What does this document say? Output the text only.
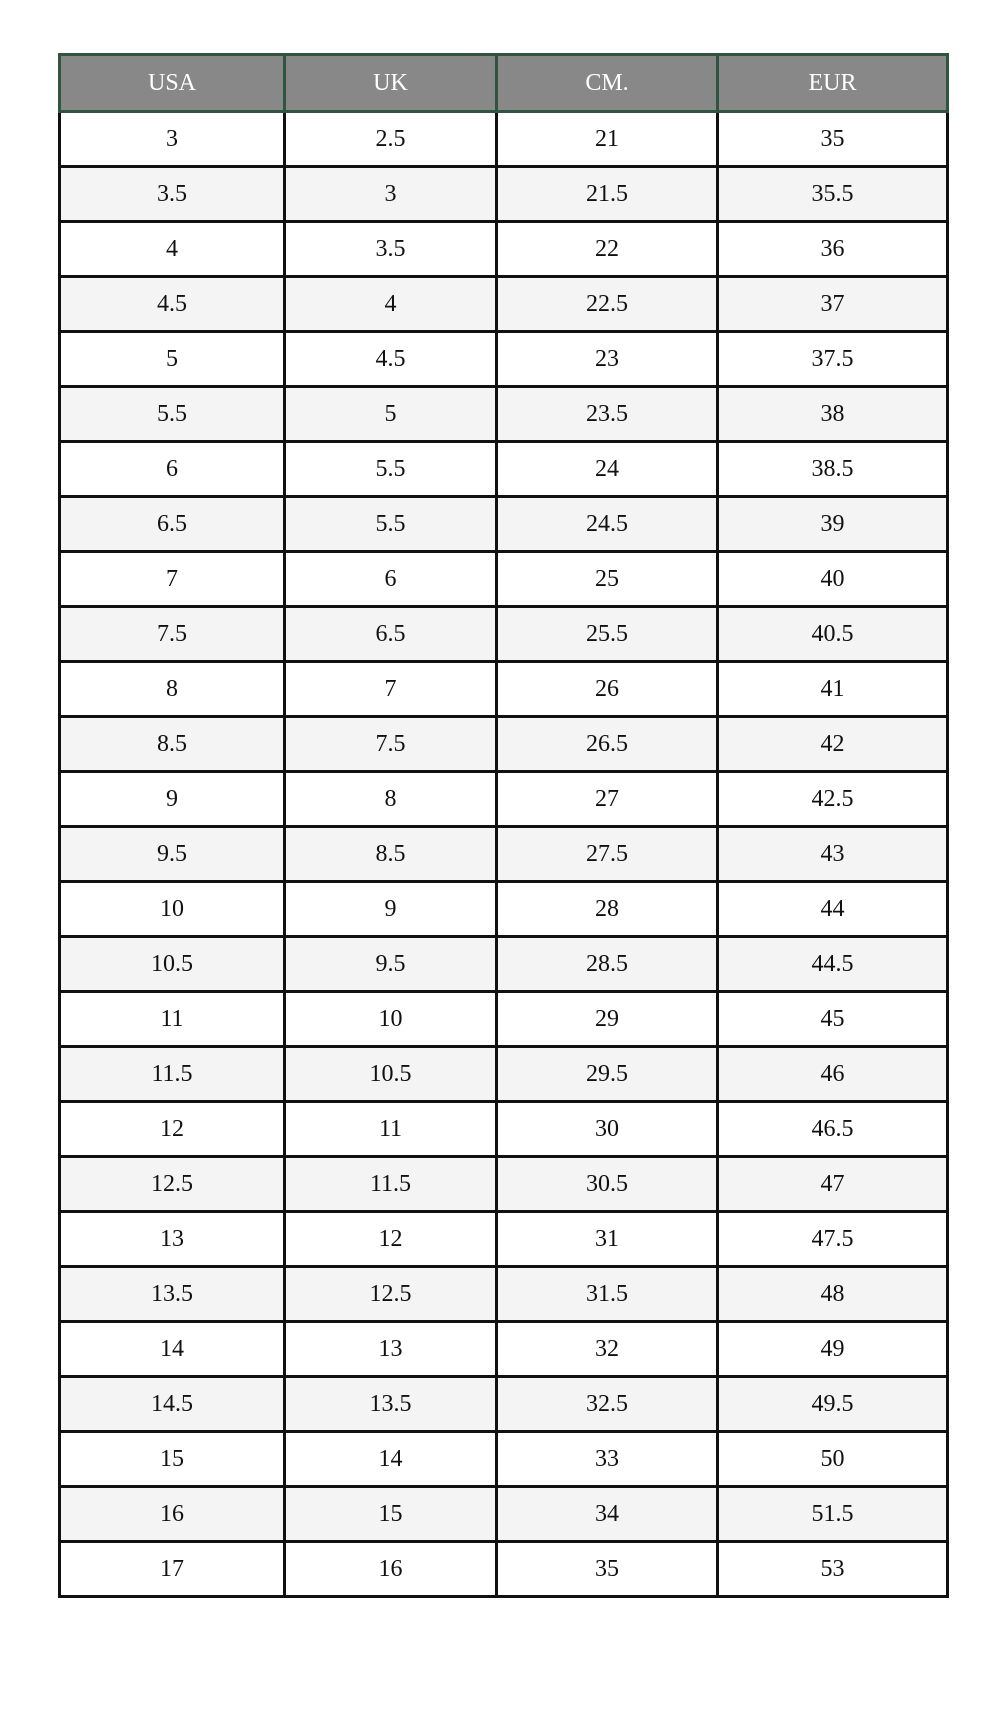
USA	UK	CM.	EUR
3	2.5	21	35
3.5	3	21.5	35.5
4	3.5	22	36
4.5	4	22.5	37
5	4.5	23	37.5
5.5	5	23.5	38
6	5.5	24	38.5
6.5	5.5	24.5	39
7	6	25	40
7.5	6.5	25.5	40.5
8	7	26	41
8.5	7.5	26.5	42
9	8	27	42.5
9.5	8.5	27.5	43
10	9	28	44
10.5	9.5	28.5	44.5
11	10	29	45
11.5	10.5	29.5	46
12	11	30	46.5
12.5	11.5	30.5	47
13	12	31	47.5
13.5	12.5	31.5	48
14	13	32	49
14.5	13.5	32.5	49.5
15	14	33	50
16	15	34	51.5
17	16	35	53
